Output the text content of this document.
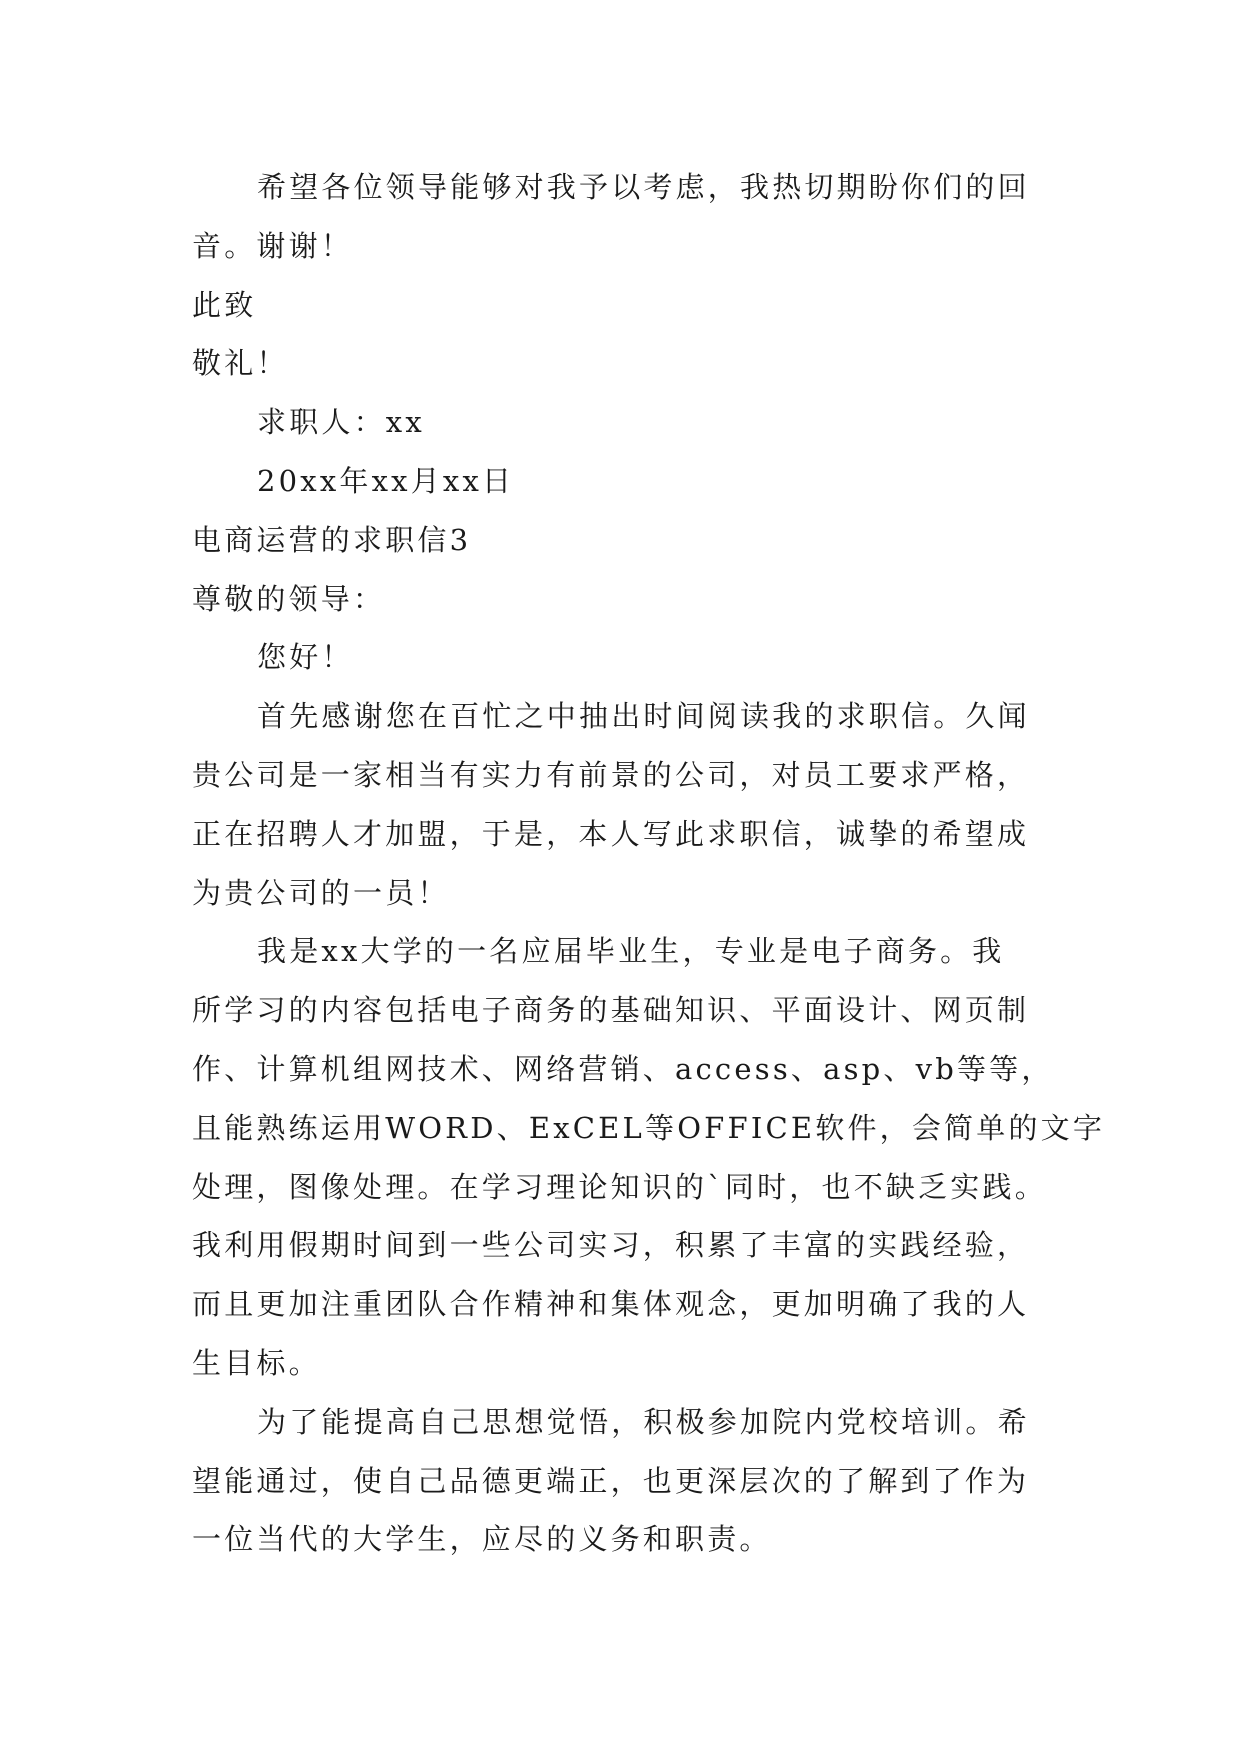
希望各位领导能够对我予以考虑，我热切期盼你们的回

音。谢谢！

此致

敬礼！

求职人：xx

20xx年xx月xx日

电商运营的求职信3

尊敬的领导：

您好！

首先感谢您在百忙之中抽出时间阅读我的求职信。久闻

贵公司是一家相当有实力有前景的公司，对员工要求严格，

正在招聘人才加盟，于是，本人写此求职信，诚挚的希望成

为贵公司的一员！

我是xx大学的一名应届毕业生，专业是电子商务。我

所学习的内容包括电子商务的基础知识、平面设计、网页制

作、计算机组网技术、网络营销、access、asp、vb等等，

且能熟练运用WORD、ExCEL等OFFICE软件，会简单的文字

处理，图像处理。在学习理论知识的`同时，也不缺乏实践。

我利用假期时间到一些公司实习，积累了丰富的实践经验，

而且更加注重团队合作精神和集体观念，更加明确了我的人

生目标。

为了能提高自己思想觉悟，积极参加院内党校培训。希

望能通过，使自己品德更端正，也更深层次的了解到了作为

一位当代的大学生，应尽的义务和职责。
